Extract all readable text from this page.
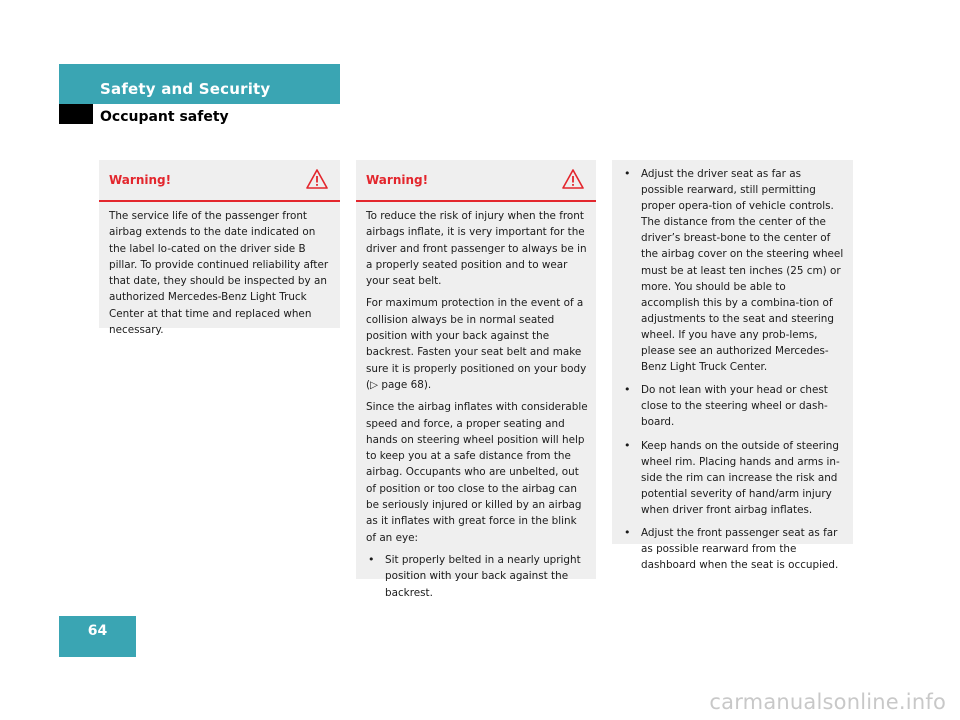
Safety and Security
Occupant safety
Warning!

The service life of the passenger front airbag extends to the date indicated on the label lo-cated on the driver side B pillar. To provide continued reliability after that date, they should be inspected by an authorized Mercedes-Benz Light Truck Center at that time and replaced when necessary.

Warning!

To reduce the risk of injury when the front airbags inflate, it is very important for the driver and front passenger to always be in a properly seated position and to wear your seat belt.

For maximum protection in the event of a collision always be in normal seated position with your back against the backrest. Fasten your seat belt and make sure it is properly positioned on your body (▷ page 68).

Since the airbag inflates with considerable speed and force, a proper seating and hands on steering wheel position will help to keep you at a safe distance from the airbag. Occupants who are unbelted, out of position or too close to the airbag can be seriously injured or killed by an airbag as it inflates with great force in the blink of an eye:

• Sit properly belted in a nearly upright position with your back against the backrest.
• Adjust the driver seat as far as possible rearward, still permitting proper opera-tion of vehicle controls. The distance from the center of the driver’s breast-bone to the center of the airbag cover on the steering wheel must be at least ten inches (25 cm) or more. You should be able to accomplish this by a combina-tion of adjustments to the seat and steering wheel. If you have any prob-lems, please see an authorized Mercedes-Benz Light Truck Center.
• Do not lean with your head or chest close to the steering wheel or dash-board.
• Keep hands on the outside of steering wheel rim. Placing hands and arms in-side the rim can increase the risk and potential severity of hand/arm injury when driver front airbag inflates.
• Adjust the front passenger seat as far as possible rearward from the dashboard when the seat is occupied.
64
carmanualsonline.info
